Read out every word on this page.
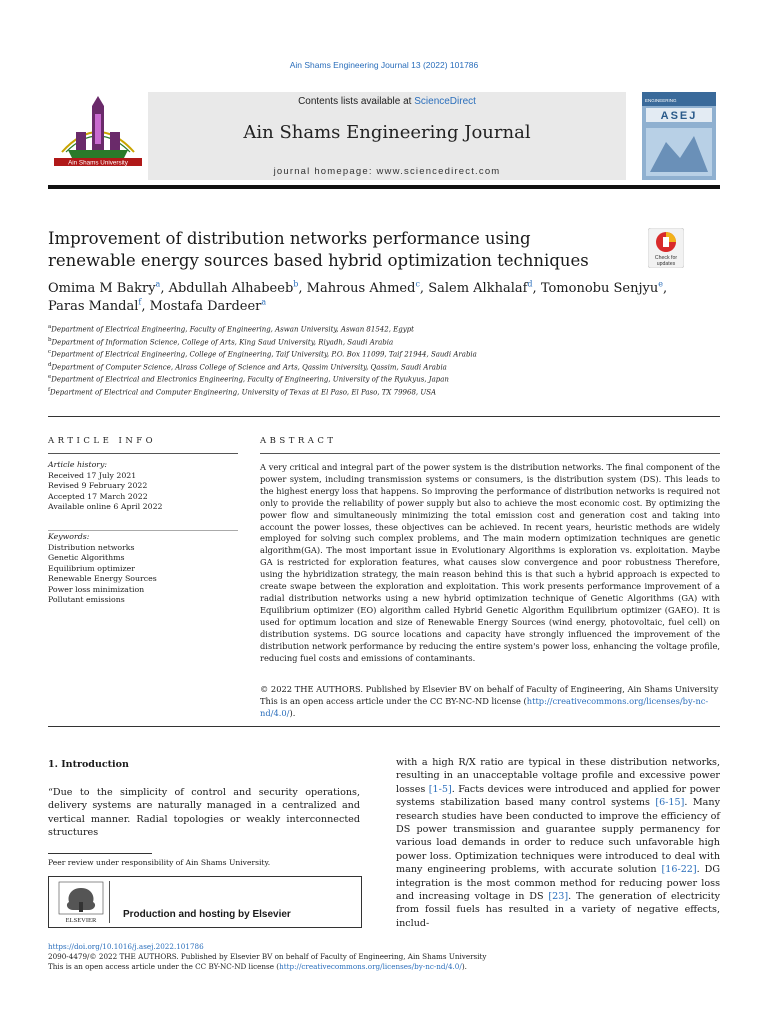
Ain Shams Engineering Journal 13 (2022) 101786
Ain Shams University
Contents lists available at ScienceDirect
Ain Shams Engineering Journal
journal homepage: www.sciencedirect.com
ENGINEERING
ASEJ
Improvement of distribution networks performance using renewable energy sources based hybrid optimization techniques	Check for
updates
Omima M Bakry$^a$, Abdullah Alhabeeb$^b$, Mahrous Ahmed$^c$, Salem Alkhalaf$^d$, Tomonobu Senjyu$^e$,
Paras Mandal$^f$, Mostafa Dardeer$^a$
$^a$Department of Electrical Engineering, Faculty of Engineering, Aswan University, Aswan 81542, Egypt
$^b$Department of Information Science, College of Arts, King Saud University, Riyadh, Saudi Arabia
$^c$Department of Electrical Engineering, College of Engineering, Taif University, P.O. Box 11099, Taif 21944, Saudi Arabia
$^d$Department of Computer Science, Alrass College of Science and Arts, Qassim University, Qassim, Saudi Arabia
$^e$Department of Electrical and Electronics Engineering, Faculty of Engineering, University of the Ryukyus, Japan
$^f$Department of Electrical and Computer Engineering, University of Texas at El Paso, El Paso, TX 79968, USA
ARTICLE INFO	ABSTRACT
Article history:
Received 17 July 2021
Revised 9 February 2022
Accepted 17 March 2022
Available online 6 April 2022
Keywords:
Distribution networks
Genetic Algorithms
Equilibrium optimizer
Renewable Energy Sources
Power loss minimization
Pollutant emissions
A very critical and integral part of the power system is the distribution networks. The final component of the power system, including transmission systems or consumers, is the distribution system (DS). This leads to the highest energy loss that happens. So improving the performance of distribution networks is required not only to provide the reliability of power supply but also to achieve the most economic cost. By optimizing the power flow and simultaneously minimizing the total emission cost and generation cost and taking into account the power losses, these objectives can be achieved. In recent years, heuristic methods are widely employed for solving such complex problems, and The main modern optimization techniques are genetic algorithm(GA). The most important issue in Evolutionary Algorithms is exploration vs. exploitation. Maybe GA is restricted for exploration features, what causes slow convergence and poor robustness Therefore, using the hybridization strategy, the main reason behind this is that such a hybrid approach is expected to create swape between the exploration and exploitation. This work presents performance improvement of a radial distribution networks using a new hybrid optimization technique of Genetic Algorithms (GA) with Equilibrium optimizer (EO) algorithm called Hybrid Genetic Algorithm Equilibrium optimizer (GAEO). It is used for optimum location and size of Renewable Energy Sources (wind energy, photovoltaic, fuel cell) on distribution systems. DG source locations and capacity have strongly influenced the improvement of the distribution network performance by reducing the entire system's power loss, enhancing the voltage profile, reducing fuel costs and emissions of contaminants.
© 2022 THE AUTHORS. Published by Elsevier BV on behalf of Faculty of Engineering, Ain Shams University
This is an open access article under the CC BY-NC-ND license (http://creativecommons.org/licenses/by-nc-nd/4.0/).
1. Introduction
“Due to the simplicity of control and security operations, delivery systems are naturally managed in a centralized and vertical manner. Radial topologies or weakly interconnected structures
with a high R/X ratio are typical in these distribution networks, resulting in an unacceptable voltage profile and excessive power losses [1-5]. Facts devices were introduced and applied for power systems stabilization based many control systems [6-15]. Many research studies have been conducted to improve the efficiency of DS power transmission and guarantee supply permanency for various load demands in order to reduce such unfavorable high power loss. Optimization techniques were introduced to deal with many engineering problems, with accurate solution [16-22]. DG integration is the most common method for reducing power loss and increasing voltage in DS [23]. The generation of electricity from fossil fuels has resulted in a variety of negative effects, includ-
Peer review under responsibility of Ain Shams University.
ELSEVIER
Production and hosting by Elsevier
https://doi.org/10.1016/j.asej.2022.101786
2090-4479/© 2022 THE AUTHORS. Published by Elsevier BV on behalf of Faculty of Engineering, Ain Shams University
This is an open access article under the CC BY-NC-ND license (http://creativecommons.org/licenses/by-nc-nd/4.0/).
